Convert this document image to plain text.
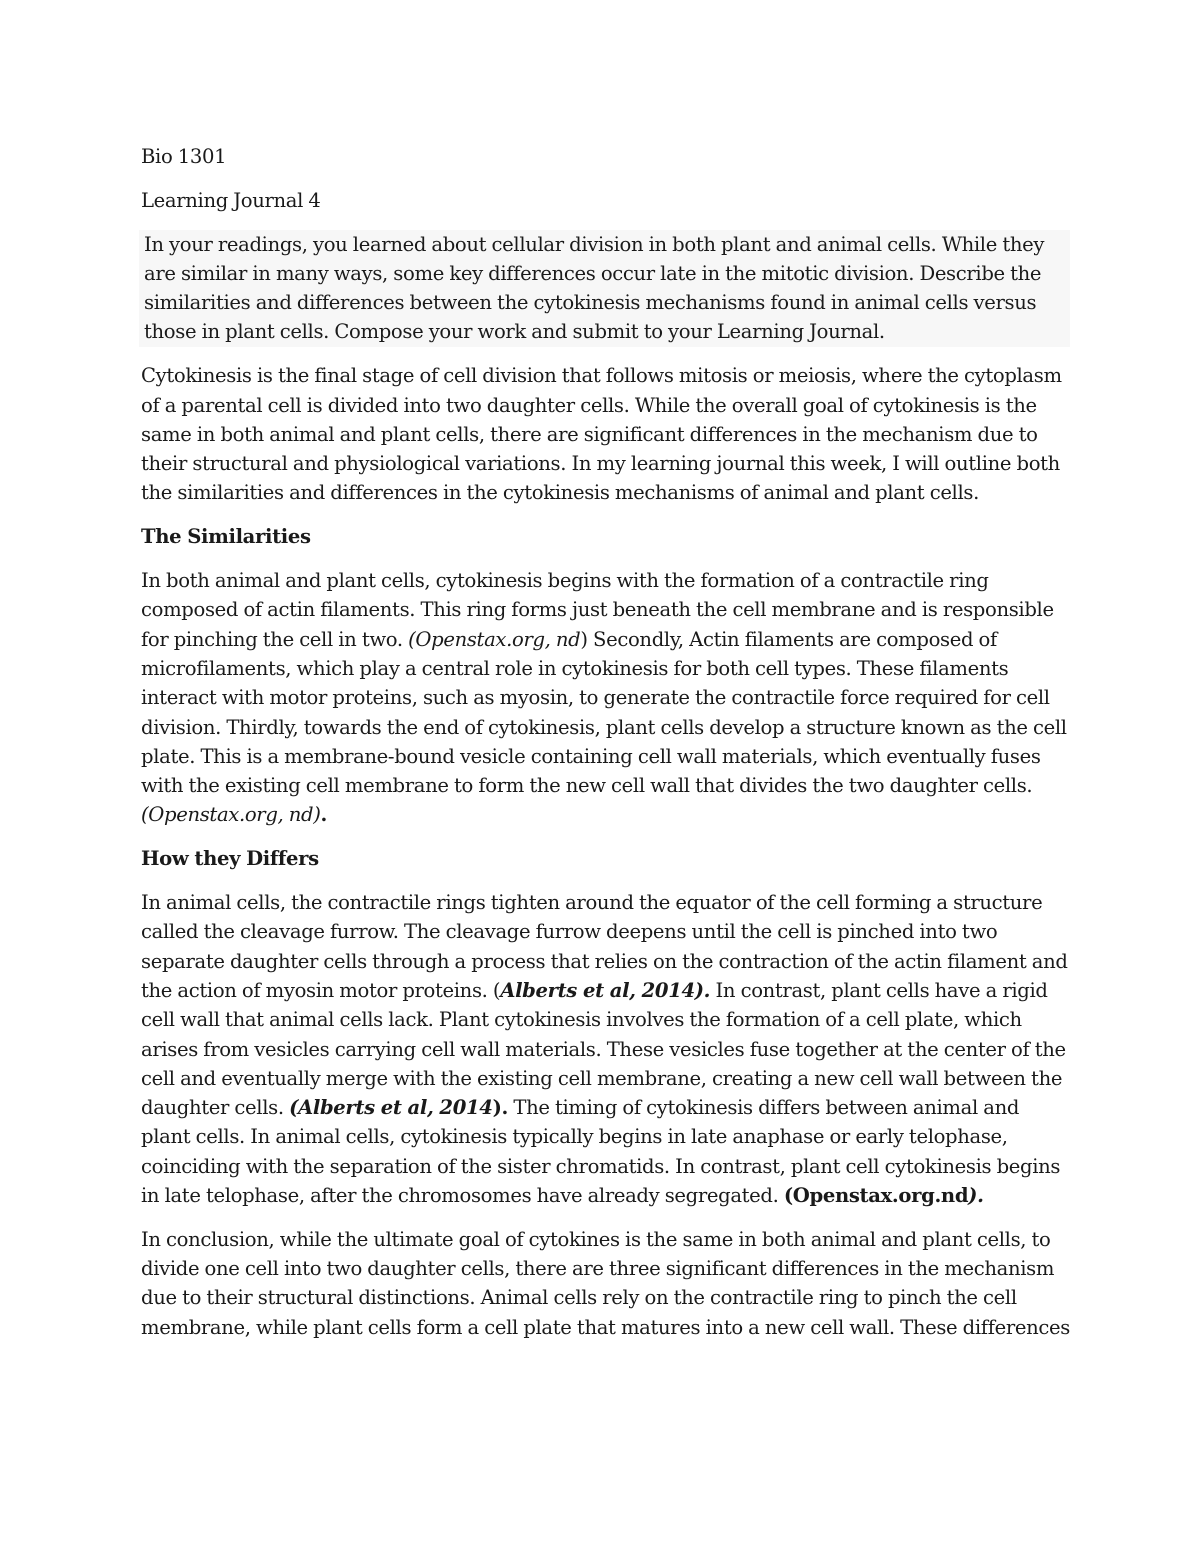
Bio 1301

Learning Journal 4

In your readings, you learned about cellular division in both plant and animal cells. While they are similar in many ways, some key differences occur late in the mitotic division. Describe the similarities and differences between the cytokinesis mechanisms found in animal cells versus those in plant cells. Compose your work and submit to your Learning Journal.

Cytokinesis is the final stage of cell division that follows mitosis or meiosis, where the cytoplasm of a parental cell is divided into two daughter cells. While the overall goal of cytokinesis is the same in both animal and plant cells, there are significant differences in the mechanism due to their structural and physiological variations. In my learning journal this week, I will outline both the similarities and differences in the cytokinesis mechanisms of animal and plant cells.

The Similarities

In both animal and plant cells, cytokinesis begins with the formation of a contractile ring composed of actin filaments. This ring forms just beneath the cell membrane and is responsible for pinching the cell in two. (Openstax.org, nd) Secondly, Actin filaments are composed of microfilaments, which play a central role in cytokinesis for both cell types. These filaments interact with motor proteins, such as myosin, to generate the contractile force required for cell division. Thirdly, towards the end of cytokinesis, plant cells develop a structure known as the cell plate. This is a membrane-bound vesicle containing cell wall materials, which eventually fuses with the existing cell membrane to form the new cell wall that divides the two daughter cells. (Openstax.org, nd).

How they Differs

In animal cells, the contractile rings tighten around the equator of the cell forming a structure called the cleavage furrow. The cleavage furrow deepens until the cell is pinched into two separate daughter cells through a process that relies on the contraction of the actin filament and the action of myosin motor proteins. (Alberts et al, 2014). In contrast, plant cells have a rigid cell wall that animal cells lack. Plant cytokinesis involves the formation of a cell plate, which arises from vesicles carrying cell wall materials. These vesicles fuse together at the center of the cell and eventually merge with the existing cell membrane, creating a new cell wall between the daughter cells. (Alberts et al, 2014). The timing of cytokinesis differs between animal and plant cells. In animal cells, cytokinesis typically begins in late anaphase or early telophase, coinciding with the separation of the sister chromatids. In contrast, plant cell cytokinesis begins in late telophase, after the chromosomes have already segregated. (Openstax.org.nd).

In conclusion, while the ultimate goal of cytokines is the same in both animal and plant cells, to divide one cell into two daughter cells, there are three significant differences in the mechanism due to their structural distinctions. Animal cells rely on the contractile ring to pinch the cell membrane, while plant cells form a cell plate that matures into a new cell wall. These differences
